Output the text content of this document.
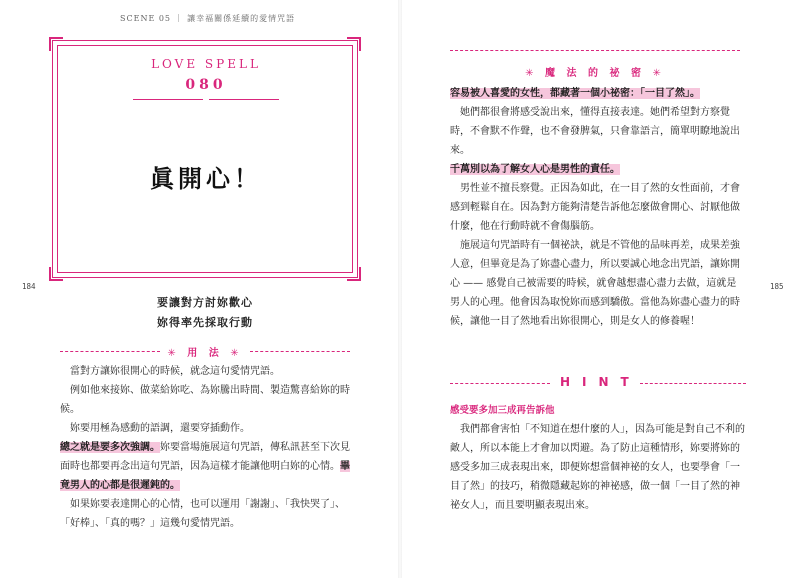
SCENE 05 ｜ 讓幸福關係延續的愛情咒語
184	185
LOVE SPELL
080
眞開心！
要讓對方討妳歡心
妳得率先採取行動
✳ 用 法 ✳

　當對方讓妳很開心的時候，就念這句愛情咒語。

　例如他來接妳、做菜給妳吃、為妳騰出時間、製造驚喜給妳的時候。

　妳要用極為感動的語調，還要穿插動作。

總之就是要多次強調。妳要當場施展這句咒語，傳私訊甚至下次見面時也都要再念出這句咒語，因為這樣才能讓他明白妳的心情。畢竟男人的心都是很遲鈍的。

　如果妳要表達開心的心情，也可以運用「謝謝」、「我快哭了」、「好棒」、「真的嗎？」這幾句愛情咒語。

✳ 魔 法 的 祕 密 ✳

容易被人喜愛的女性，都藏著一個小祕密：「一目了然」。

　她們都很會將感受說出來，懂得直接表達。她們希望對方察覺時，不會默不作聲，也不會發脾氣，只會靠語言，簡單明瞭地說出來。

千萬別以為了解女人心是男性的責任。

　男性並不擅長察覺。正因為如此，在一目了然的女性面前，才會感到輕鬆自在。因為對方能夠清楚告訴他怎麼做會開心、討厭他做什麼，他在行動時就不會傷腦筋。

　施展這句咒語時有一個祕訣，就是不管他的品味再差，成果差強人意，但畢竟是為了妳盡心盡力，所以要誠心地念出咒語，讓妳開心 —— 感覺自己被需要的時候，就會越想盡心盡力去做，這就是男人的心理。他會因為取悅妳而感到驕傲。當他為妳盡心盡力的時候，讓他一目了然地看出妳很開心，則是女人的修養喔！

HINT
感受要多加三成再告訴他

　我們都會害怕「不知道在想什麼的人」，因為可能是對自己不利的敵人，所以本能上才會加以閃避。為了防止這種情形，妳要將妳的感受多加三成表現出來，即便妳想當個神祕的女人，也要學會「一目了然」的技巧，稍微隱藏起妳的神祕感，做一個「一目了然的神祕女人」，而且要明顯表現出來。
